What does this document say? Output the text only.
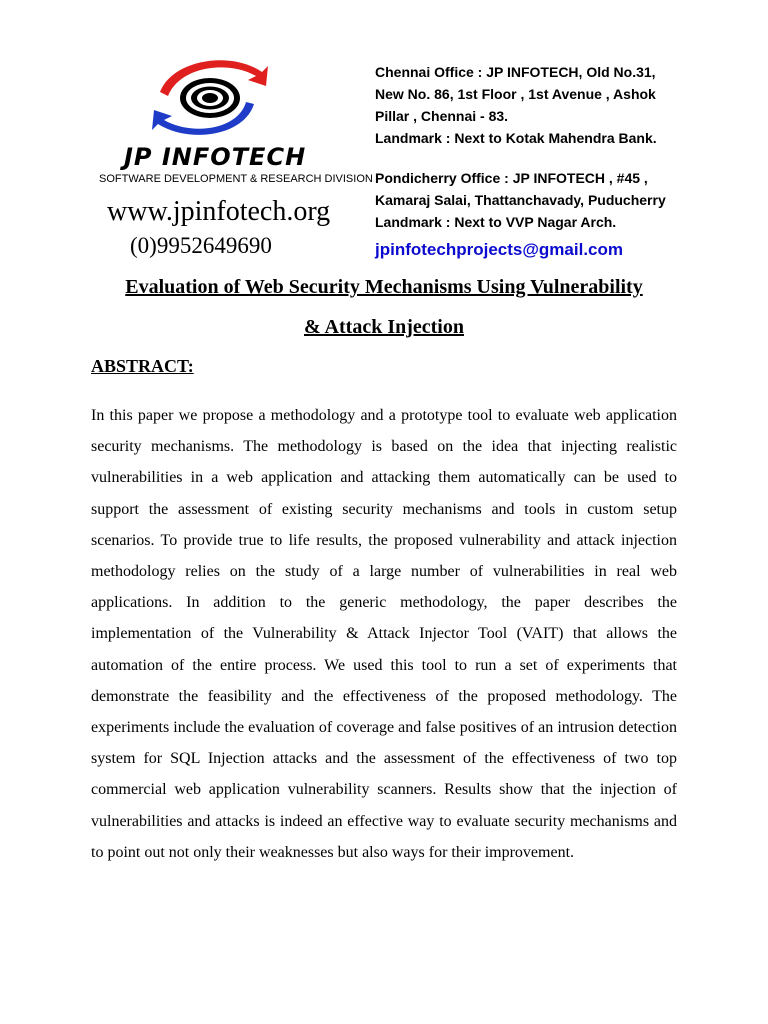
JP INFOTECH
SOFTWARE DEVELOPMENT & RESEARCH DIVISION
www.jpinfotech.org
(0)9952649690
Chennai Office : JP INFOTECH, Old No.31,
New No. 86, 1st Floor , 1st Avenue , Ashok
Pillar , Chennai - 83.
Landmark : Next to Kotak Mahendra Bank.
Pondicherry Office : JP INFOTECH , #45 ,
Kamaraj Salai, Thattanchavady, Puducherry
Landmark : Next to VVP Nagar Arch.
jpinfotechprojects@gmail.com
Evaluation of Web Security Mechanisms Using Vulnerability
& Attack Injection
ABSTRACT:

In this paper we propose a methodology and a prototype tool to evaluate web application security mechanisms. The methodology is based on the idea that injecting realistic vulnerabilities in a web application and attacking them automatically can be used to support the assessment of existing security mechanisms and tools in custom setup scenarios. To provide true to life results, the proposed vulnerability and attack injection methodology relies on the study of a large number of vulnerabilities in real web applications. In addition to the generic methodology, the paper describes the implementation of the Vulnerability & Attack Injector Tool (VAIT) that allows the automation of the entire process. We used this tool to run a set of experiments that demonstrate the feasibility and the effectiveness of the proposed methodology. The experiments include the evaluation of coverage and false positives of an intrusion detection system for SQL Injection attacks and the assessment of the effectiveness of two top commercial web application vulnerability scanners. Results show that the injection of vulnerabilities and attacks is indeed an effective way to evaluate security mechanisms and to point out not only their weaknesses but also ways for their improvement.
